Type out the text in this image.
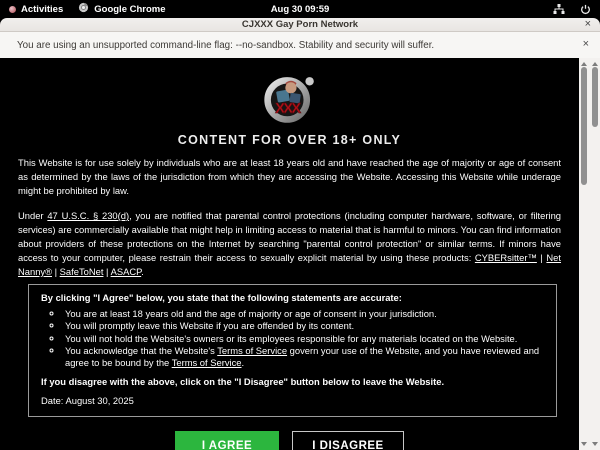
Activities	Google Chrome	Aug 30 09:59
CJXXX Gay Porn Network	×
You are using an unsupported command-line flag: --no-sandbox. Stability and security will suffer.	×
XXX
CONTENT FOR OVER 18+ ONLY

This Website is for use solely by individuals who are at least 18 years old and have reached the age of majority or age of consent as determined by the laws of the jurisdiction from which they are accessing the Website. Accessing this Website while underage might be prohibited by law.

Under 47 U.S.C. § 230(d), you are notified that parental control protections (including computer hardware, software, or filtering services) are commercially available that might help in limiting access to material that is harmful to minors. You can find information about providers of these protections on the Internet by searching "parental control protection" or similar terms. If minors have access to your computer, please restrain their access to sexually explicit material by using these products: CYBERsitter™ | Net Nanny® | SafeToNet | ASACP.

By clicking "I Agree" below, you state that the following statements are accurate:

◦ You are at least 18 years old and the age of majority or age of consent in your jurisdiction.
◦ You will promptly leave this Website if you are offended by its content.
◦ You will not hold the Website's owners or its employees responsible for any materials located on the Website.
◦ You acknowledge that the Website's Terms of Service govern your use of the Website, and you have reviewed and agree to be bound by the Terms of Service.

If you disagree with the above, click on the "I Disagree" button below to leave the Website.

Date: August 30, 2025

I AGREE	I DISAGREE
